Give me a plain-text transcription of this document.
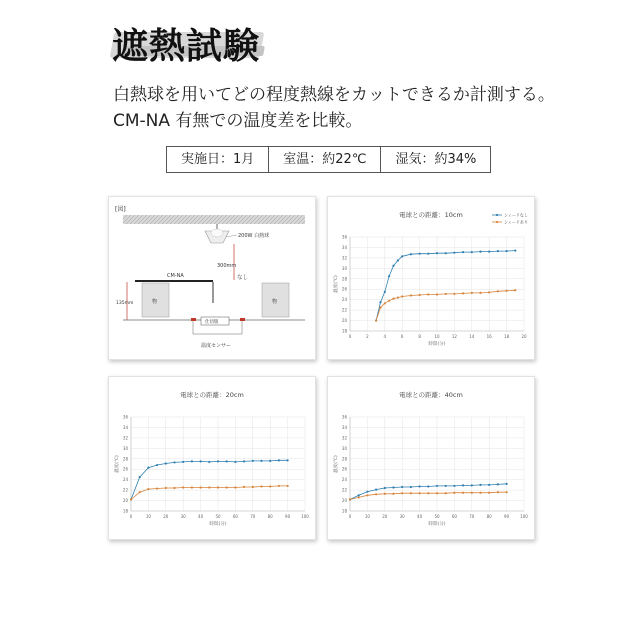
遮熱試験
白熱球を用いてどの程度熱線をカットできるか計測する。
CM-NA 有無での温度差を比較。
実施日：1月	室温：約22℃	湿気：約34%
[図]
200W 白熱球
300mm
CM-NA	なし
135mm	物	物
仕切版
温度センサー
電球との距離：10cm
18
20
22
24
26
28
30
32
34
36
0	2	4	6	8	10	12	14	16	18	20
時間(分)
温度(℃)
シェードなし
シェードあり
電球との距離：20cm
18
20
22
24
26
28
30
32
34
36
0	10	20	30	40	50	60	70	80	90	100
時間(分)
温度(℃)
電球との距離：40cm
18
20
22
24
26
28
30
32
34
36
0	10	20	30	40	50	60	70	80	90	100
時間(分)
温度(℃)
